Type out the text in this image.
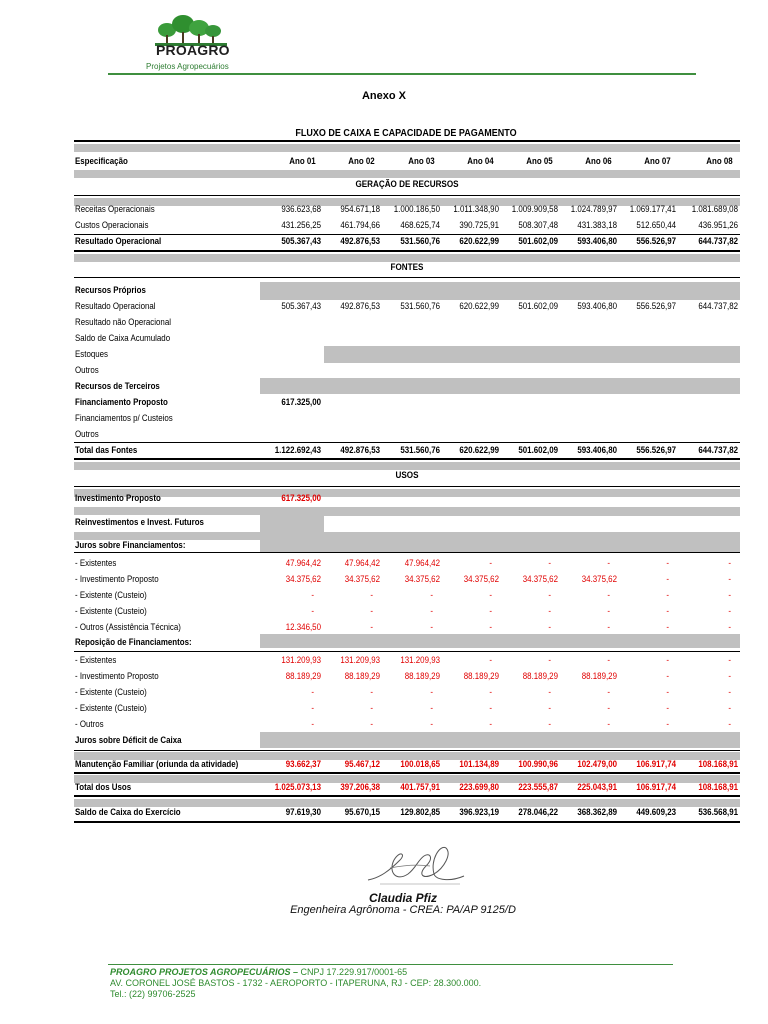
PROAGRO
Projetos Agropecuários
Anexo X
FLUXO DE CAIXA E CAPACIDADE DE PAGAMENTO
Especificação	Ano 01	Ano 02	Ano 03	Ano 04	Ano 05	Ano 06	Ano 07	Ano 08
GERAÇÃO DE RECURSOS
Receitas Operacionais	936.623,68	954.671,18	1.000.186,50	1.011.348,90	1.009.909,58	1.024.789,97	1.069.177,41	1.081.689,08
Custos Operacionais	431.256,25	461.794,66	468.625,74	390.725,91	508.307,48	431.383,18	512.650,44	436.951,26
Resultado Operacional	505.367,43	492.876,53	531.560,76	620.622,99	501.602,09	593.406,80	556.526,97	644.737,82
FONTES
Recursos Próprios
Resultado Operacional	505.367,43	492.876,53	531.560,76	620.622,99	501.602,09	593.406,80	556.526,97	644.737,82
Resultado não Operacional
Saldo de Caixa Acumulado
Estoques
Outros
Recursos de Terceiros
Financiamento Proposto	617.325,00
Financiamentos p/ Custeios
Outros
Total das Fontes	1.122.692,43	492.876,53	531.560,76	620.622,99	501.602,09	593.406,80	556.526,97	644.737,82
USOS
Investimento Proposto	617.325,00
Reinvestimentos e Invest. Futuros
Juros sobre Financiamentos:
- Existentes	47.964,42	47.964,42	47.964,42	-	-	-	-	-
- Investimento Proposto	34.375,62	34.375,62	34.375,62	34.375,62	34.375,62	34.375,62	-	-
- Existente (Custeio)	-	-	-	-	-	-	-	-
- Existente (Custeio)	-	-	-	-	-	-	-	-
- Outros (Assistência Técnica)	12.346,50	-	-	-	-	-	-	-
Reposição de Financiamentos:
- Existentes	131.209,93	131.209,93	131.209,93	-	-	-	-	-
- Investimento Proposto	88.189,29	88.189,29	88.189,29	88.189,29	88.189,29	88.189,29	-	-
- Existente (Custeio)	-	-	-	-	-	-	-	-
- Existente (Custeio)	-	-	-	-	-	-	-	-
- Outros	-	-	-	-	-	-	-	-
Juros sobre Déficit de Caixa
Manutenção Familiar (oriunda da atividade)	93.662,37	95.467,12	100.018,65	101.134,89	100.990,96	102.479,00	106.917,74	108.168,91
Total dos Usos	1.025.073,13	397.206,38	401.757,91	223.699,80	223.555,87	225.043,91	106.917,74	108.168,91
Saldo de Caixa do Exercício	97.619,30	95.670,15	129.802,85	396.923,19	278.046,22	368.362,89	449.609,23	536.568,91
Claudia Pfiz
Engenheira Agrônoma - CREA: PA/AP 9125/D
PROAGRO PROJETOS AGROPECUÁRIOS – CNPJ 17.229.917/0001-65
AV. CORONEL JOSÉ BASTOS - 1732 - AEROPORTO - ITAPERUNA, RJ - CEP: 28.300.000.
Tel.: (22) 99706-2525
